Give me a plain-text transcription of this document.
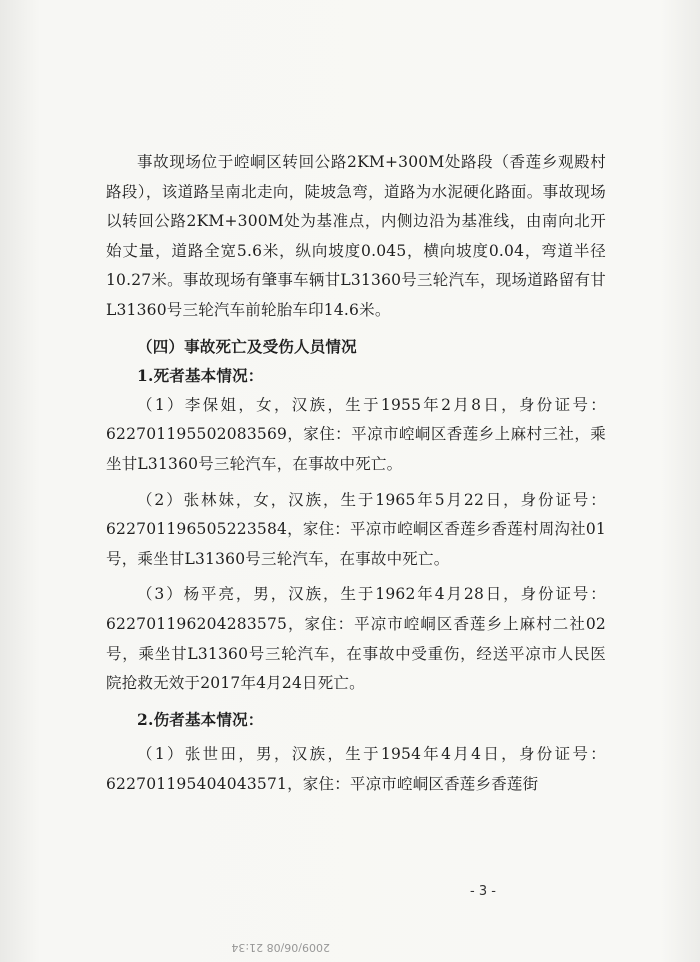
事故现场位于崆峒区转回公路2KM+300M处路段（香莲乡观殿村路段），该道路呈南北走向，陡坡急弯，道路为水泥硬化路面。事故现场以转回公路2KM+300M处为基准点，内侧边沿为基准线，由南向北开始丈量，道路全宽5.6米，纵向坡度0.045，横向坡度0.04，弯道半径10.27米。事故现场有肇事车辆甘L31360号三轮汽车，现场道路留有甘L31360号三轮汽车前轮胎车印14.6米。

（四）事故死亡及受伤人员情况

1.死者基本情况：

（1）李保姐，女，汉族，生于1955年2月8日，身份证号：622701195502083569，家住：平凉市崆峒区香莲乡上麻村三社，乘坐甘L31360号三轮汽车，在事故中死亡。

（2）张林妹，女，汉族，生于1965年5月22日，身份证号：622701196505223584，家住：平凉市崆峒区香莲乡香莲村周沟社01号，乘坐甘L31360号三轮汽车，在事故中死亡。

（3）杨平亮，男，汉族，生于1962年4月28日，身份证号：622701196204283575，家住：平凉市崆峒区香莲乡上麻村二社02号，乘坐甘L31360号三轮汽车，在事故中受重伤，经送平凉市人民医院抢救无效于2017年4月24日死亡。

2.伤者基本情况：

（1）张世田，男，汉族，生于1954年4月4日，身份证号：622701195404043571，家住：平凉市崆峒区香莲乡香莲街

- 3 -
2009/06/08 21:34
